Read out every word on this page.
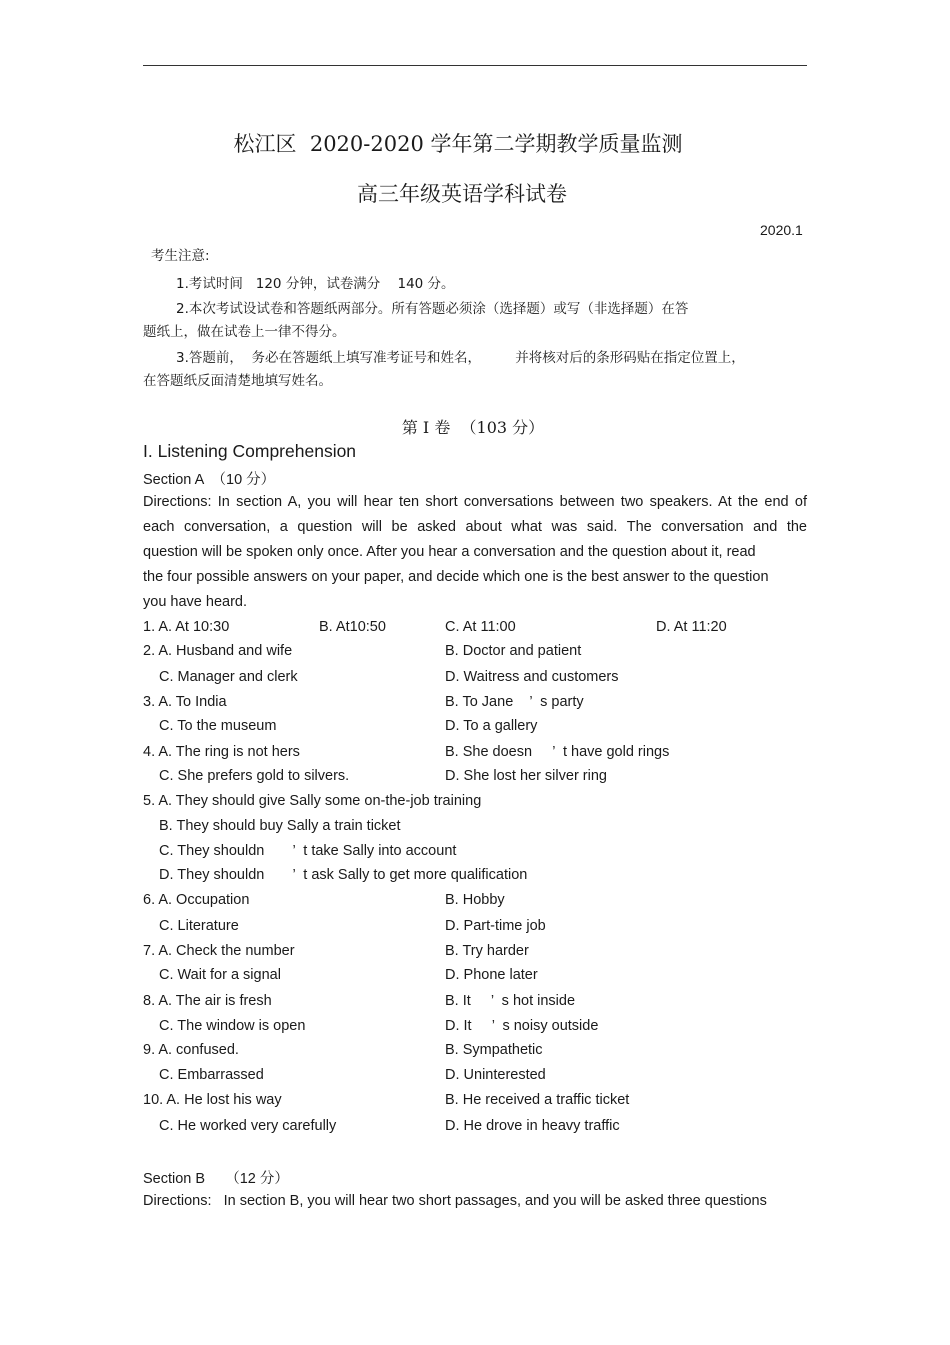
松江区  2020-2020 学年第二学期教学质量监测
高三年级英语学科试卷
2020.1
考生注意:
1.考试时间   120 分钟，试卷满分    140 分。
2.本次考试设试卷和答题纸两部分。所有答题必须涂（选择题）或写（非选择题）在答
题纸上，做在试卷上一律不得分。
3.答题前，  务必在答题纸上填写准考证号和姓名，        并将核对后的条形码贴在指定位置上，
在答题纸反面清楚地填写姓名。
第 I 卷  （103 分）
I. Listening Comprehension
Section A  （10 分）
Directions: In section A, you will hear ten short conversations between two speakers. At the end of
each conversation, a question will be asked about what was said. The conversation and the
question will be spoken only once. After you hear a conversation and the question about it, read
the four possible answers on your paper, and decide which one is the best answer to the question
you have heard.
1. A. At 10:30	B. At10:50	C. At 11:00	D. At 11:20
2. A. Husband and wife	B. Doctor and patient
C. Manager and clerk	D. Waitress and customers
3. A. To India	B. To Jane    ’  s party
C. To the museum	D. To a gallery
4. A. The ring is not hers	B. She doesn     ’  t have gold rings
C. She prefers gold to silvers.	D. She lost her silver ring
5. A. They should give Sally some on-the-job training
B. They should buy Sally a train ticket
C. They shouldn       ’  t take Sally into account
D. They shouldn       ’  t ask Sally to get more qualification
6. A. Occupation	B. Hobby
C. Literature	D. Part-time job
7. A. Check the number	B. Try harder
C. Wait for a signal	D. Phone later
8. A. The air is fresh	B. It     ’  s hot inside
C. The window is open	D. It     ’  s noisy outside
9. A. confused.	B. Sympathetic
C. Embarrassed	D. Uninterested
10. A. He lost his way	B. He received a traffic ticket
C. He worked very carefully	D. He drove in heavy traffic
Section B     （12 分）
Directions:   In section B, you will hear two short passages, and you will be asked three questions
